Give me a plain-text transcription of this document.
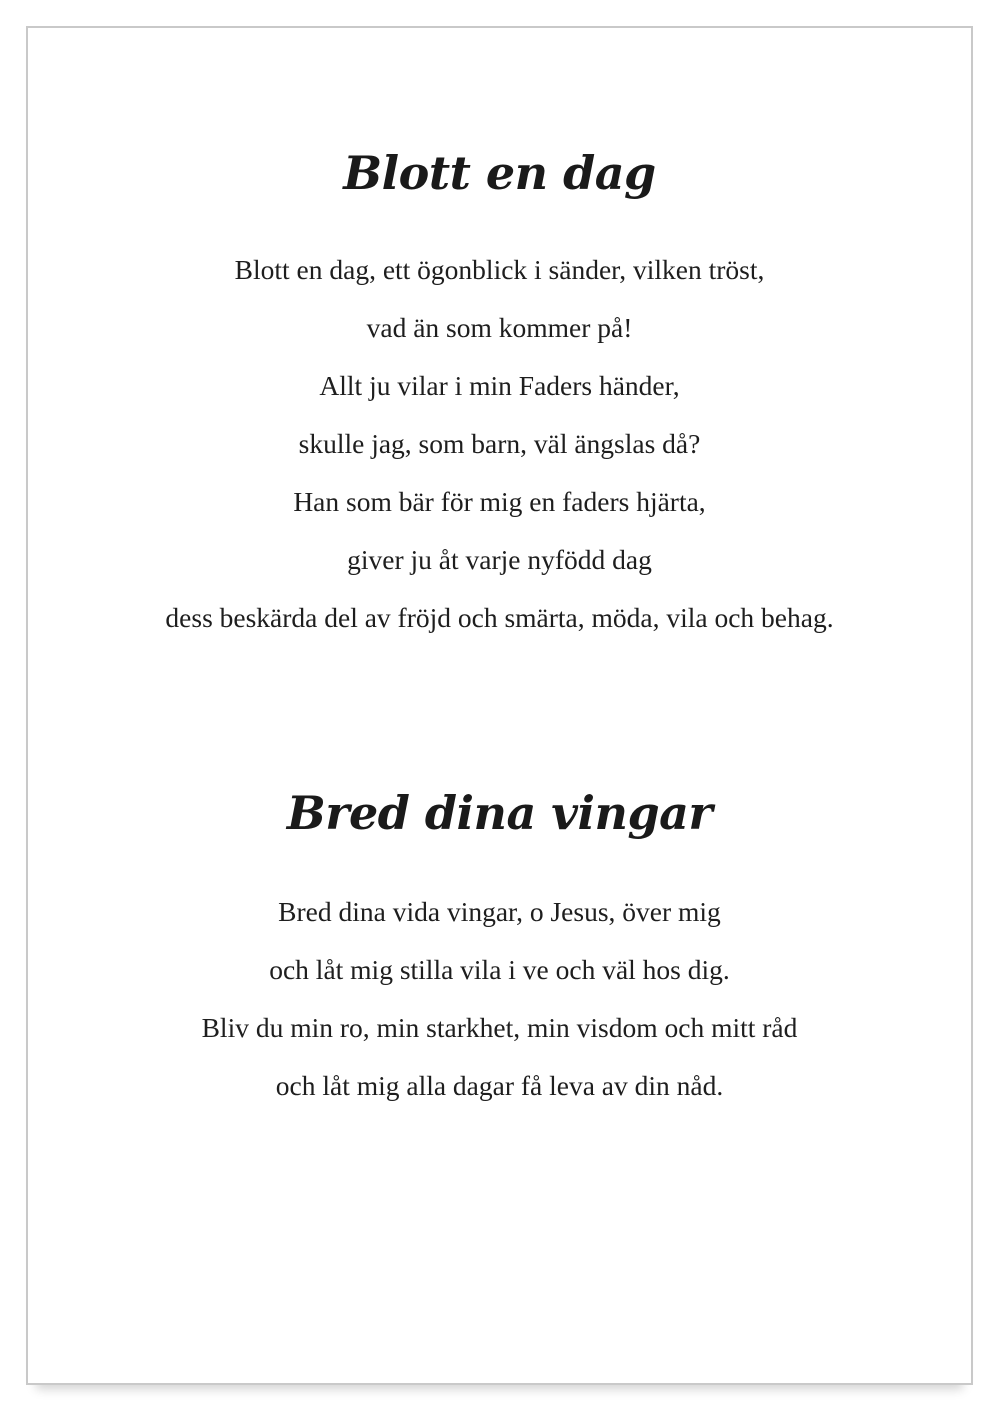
Blott en dag

Blott en dag, ett ögonblick i sänder, vilken tröst,
vad än som kommer på!
Allt ju vilar i min Faders händer,
skulle jag, som barn, väl ängslas då?
Han som bär för mig en faders hjärta,
giver ju åt varje nyfödd dag
dess beskärda del av fröjd och smärta, möda, vila och behag.

Bred dina vingar

Bred dina vida vingar, o Jesus, över mig
och låt mig stilla vila i ve och väl hos dig.
Bliv du min ro, min starkhet, min visdom och mitt råd
och låt mig alla dagar få leva av din nåd.
